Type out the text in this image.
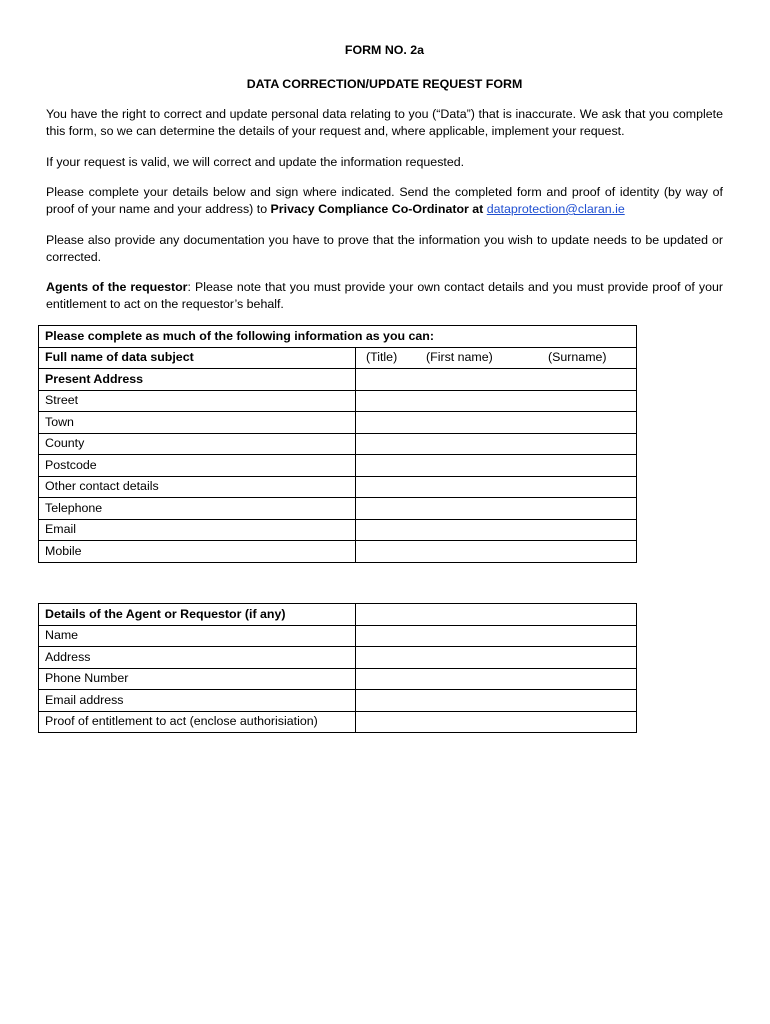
FORM NO. 2a
DATA CORRECTION/UPDATE REQUEST FORM

You have the right to correct and update personal data relating to you (“Data”) that is inaccurate. We ask that you complete this form, so we can determine the details of your request and, where applicable, implement your request.

If your request is valid, we will correct and update the information requested.

Please complete your details below and sign where indicated. Send the completed form and proof of identity (by way of proof of your name and your address) to Privacy Compliance Co-Ordinator at dataprotection@claran.ie

Please also provide any documentation you have to prove that the information you wish to update needs to be updated or corrected.

Agents of the requestor: Please note that you must provide your own contact details and you must provide proof of your entitlement to act on the requestor’s behalf.

Please complete as much of the following information as you can:	
Full name of data subject	(Title) (First name) (Surname)

Present Address	
Street	
Town	
County	
Postcode	
Other contact details	
Telephone	
Email	
Mobile	
Details of the Agent or Requestor (if any)	
Name	
Address	
Phone Number	
Email address	
Proof of entitlement to act (enclose authorisiation)	
